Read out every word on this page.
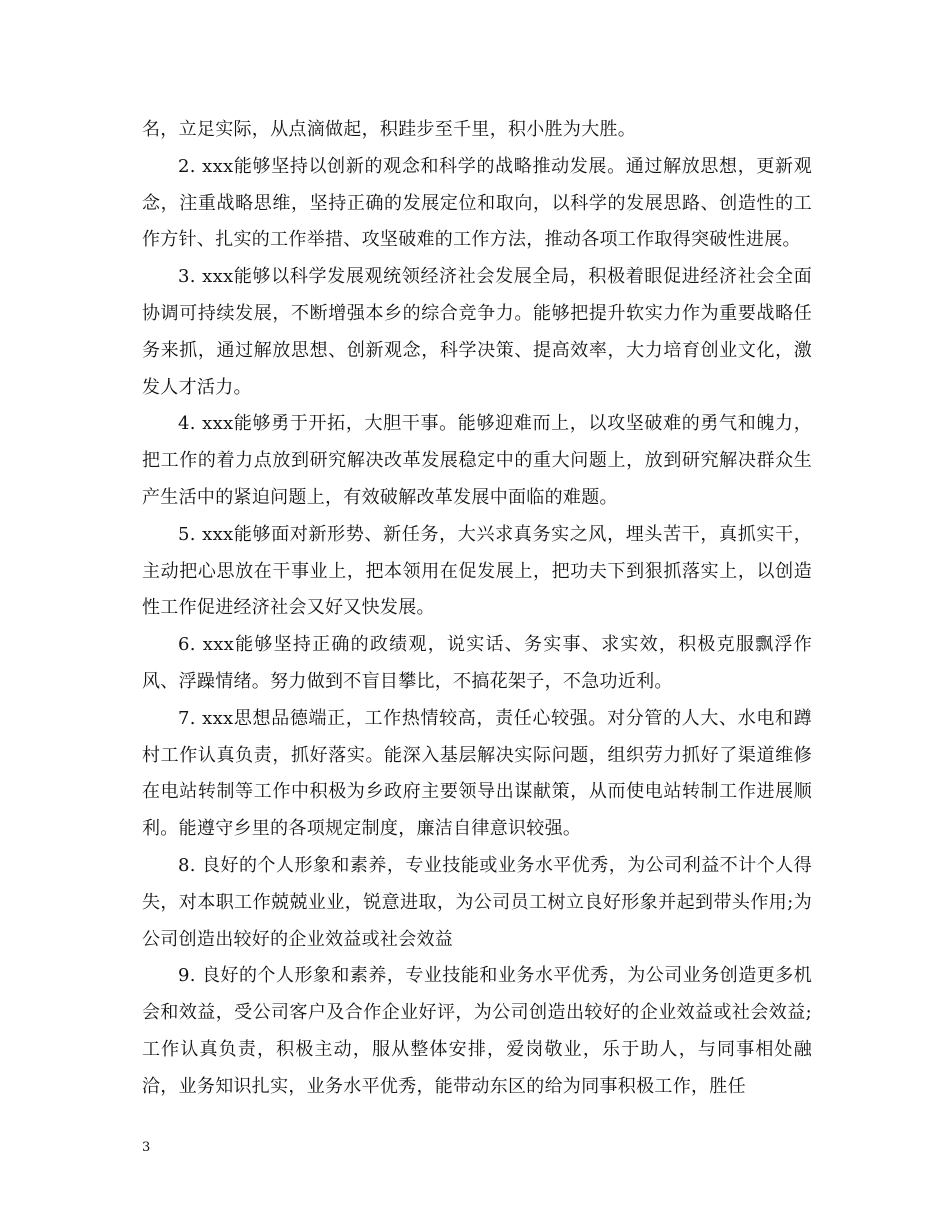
名，立足实际，从点滴做起，积跬步至千里，积小胜为大胜。

2. xxx能够坚持以创新的观念和科学的战略推动发展。通过解放思想，更新观念，注重战略思维，坚持正确的发展定位和取向，以科学的发展思路、创造性的工作方针、扎实的工作举措、攻坚破难的工作方法，推动各项工作取得突破性进展。

3. xxx能够以科学发展观统领经济社会发展全局，积极着眼促进经济社会全面协调可持续发展，不断增强本乡的综合竞争力。能够把提升软实力作为重要战略任务来抓，通过解放思想、创新观念，科学决策、提高效率，大力培育创业文化，激发人才活力。

4. xxx能够勇于开拓，大胆干事。能够迎难而上，以攻坚破难的勇气和魄力，把工作的着力点放到研究解决改革发展稳定中的重大问题上，放到研究解决群众生产生活中的紧迫问题上，有效破解改革发展中面临的难题。

5. xxx能够面对新形势、新任务，大兴求真务实之风，埋头苦干，真抓实干，主动把心思放在干事业上，把本领用在促发展上，把功夫下到狠抓落实上，以创造性工作促进经济社会又好又快发展。

6. xxx能够坚持正确的政绩观，说实话、务实事、求实效，积极克服飘浮作风、浮躁情绪。努力做到不盲目攀比，不搞花架子，不急功近利。

7. xxx思想品德端正，工作热情较高，责任心较强。对分管的人大、水电和蹲村工作认真负责，抓好落实。能深入基层解决实际问题，组织劳力抓好了渠道维修在电站转制等工作中积极为乡政府主要领导出谋献策，从而使电站转制工作进展顺利。能遵守乡里的各项规定制度，廉洁自律意识较强。

8. 良好的个人形象和素养，专业技能或业务水平优秀，为公司利益不计个人得失，对本职工作兢兢业业，锐意进取，为公司员工树立良好形象并起到带头作用;为公司创造出较好的企业效益或社会效益

9. 良好的个人形象和素养，专业技能和业务水平优秀，为公司业务创造更多机会和效益，受公司客户及合作企业好评，为公司创造出较好的企业效益或社会效益;工作认真负责，积极主动，服从整体安排，爱岗敬业，乐于助人，与同事相处融洽，业务知识扎实，业务水平优秀，能带动东区的给为同事积极工作，胜任

3
